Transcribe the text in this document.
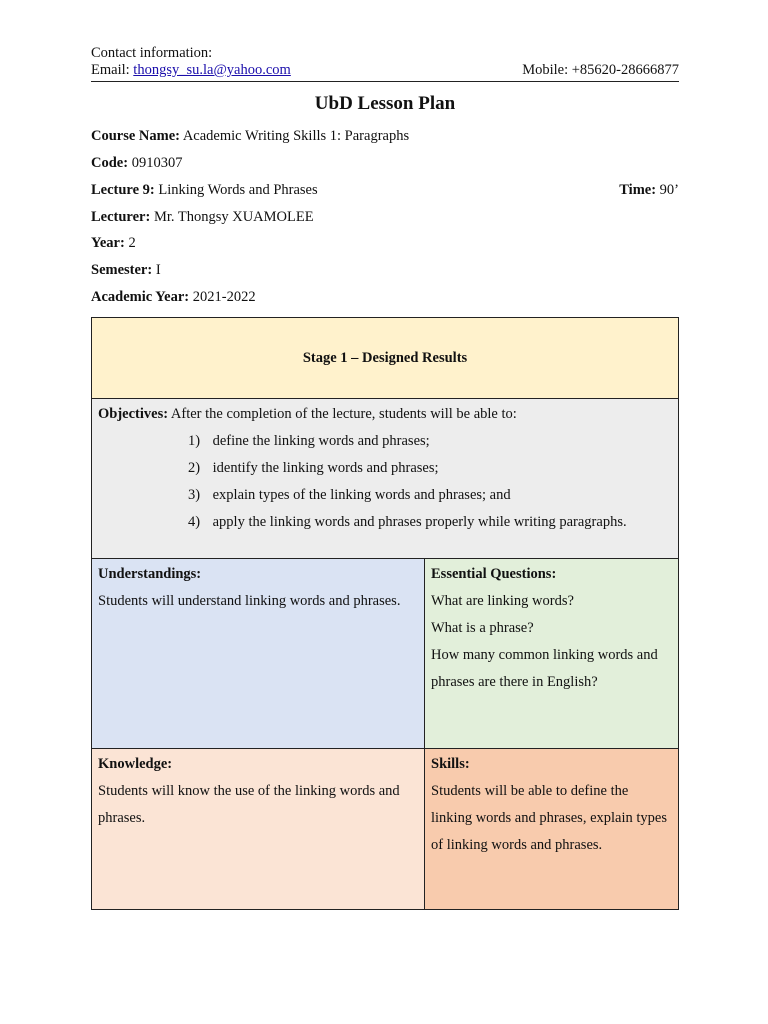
Contact information:
Email: thongsy_su.la@yahoo.com	Mobile: +85620-28666877
UbD Lesson Plan
Course Name: Academic Writing Skills 1: Paragraphs
Code: 0910307
Lecture 9: Linking Words and Phrases	Time: 90’
Lecturer: Mr. Thongsy XUAMOLEE
Year: 2
Semester: I
Academic Year: 2021-2022
Stage 1 – Designed Results
Objectives: After the completion of the lecture, students will be able to:
1)
define the linking words and phrases;
2)
identify the linking words and phrases;
3)
explain types of the linking words and phrases; and
4)
apply the linking words and phrases properly while writing paragraphs.
Understandings:
Students will understand linking words and phrases.
Essential Questions:
What are linking words?
What is a phrase?
How many common linking words and phrases are there in English?
Knowledge:
Students will know the use of the linking words and phrases.
Skills:
Students will be able to define the linking words and phrases, explain types of linking words and phrases.
